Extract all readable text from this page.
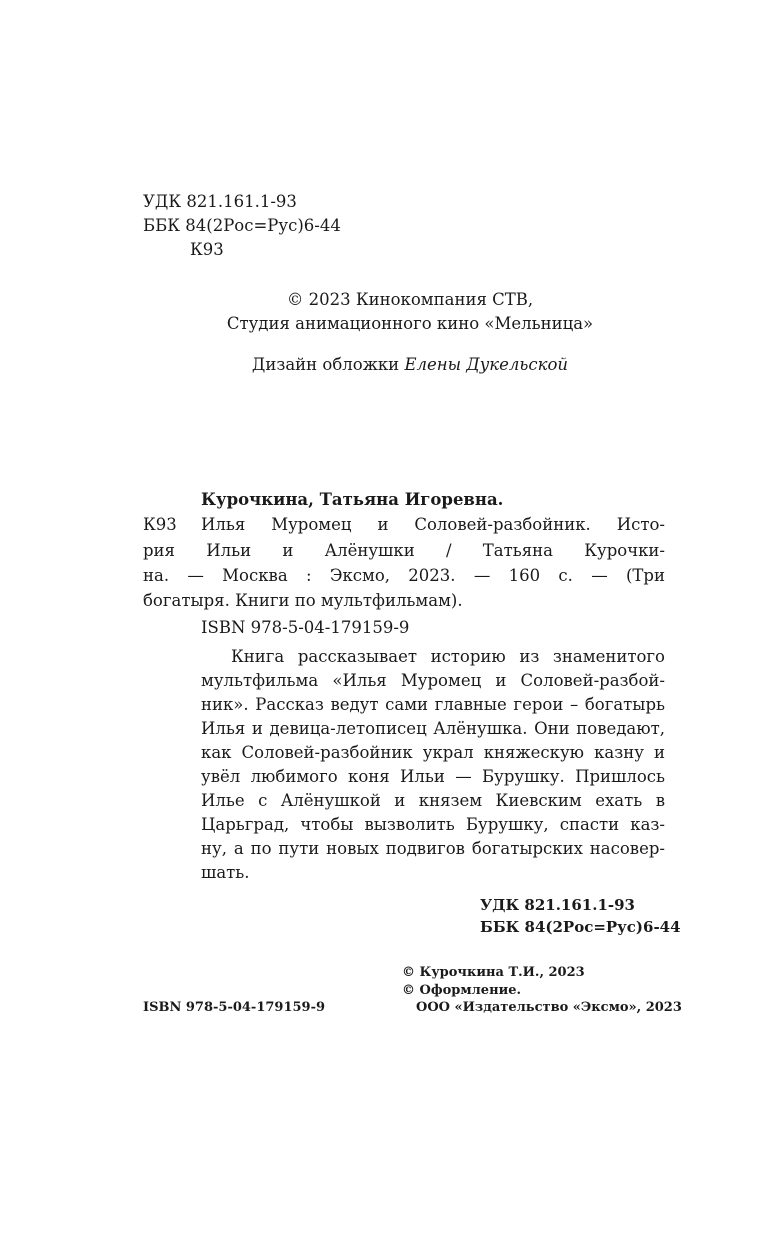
УДК 821.161.1-93
ББК 84(2Рос=Рус)6-44
К93
© 2023 Кинокомпания СТВ,
Студия анимационного кино «Мельница»
Дизайн обложки Елены Дукельской
Курочкина, Татьяна Игоревна.
К93 Илья Муромец и Соловей-разбойник. Исто-
рия Ильи и Алёнушки / Татьяна Курочки-
на. — Москва : Эксмо, 2023. — 160 с. — (Три
богатыря. Книги по мультфильмам).
ISBN 978-5-04-179159-9
Книга рассказывает историю из знаменитого
мультфильма «Илья Муромец и Соловей-разбой-
ник». Рассказ ведут сами главные герои – богатырь
Илья и девица-летописец Алёнушка. Они поведают,
как Соловей-разбойник украл княжескую казну и
увёл любимого коня Ильи — Бурушку. Пришлось
Илье с Алёнушкой и князем Киевским ехать в
Царьград, чтобы вызволить Бурушку, спасти каз-
ну, а по пути новых подвигов богатырских насовер-
шать.
УДК 821.161.1-93
ББК 84(2Рос=Рус)6-44
© Курочкина Т.И., 2023
© Оформление.
ISBN 978-5-04-179159-9	ООО «Издательство «Эксмо», 2023
